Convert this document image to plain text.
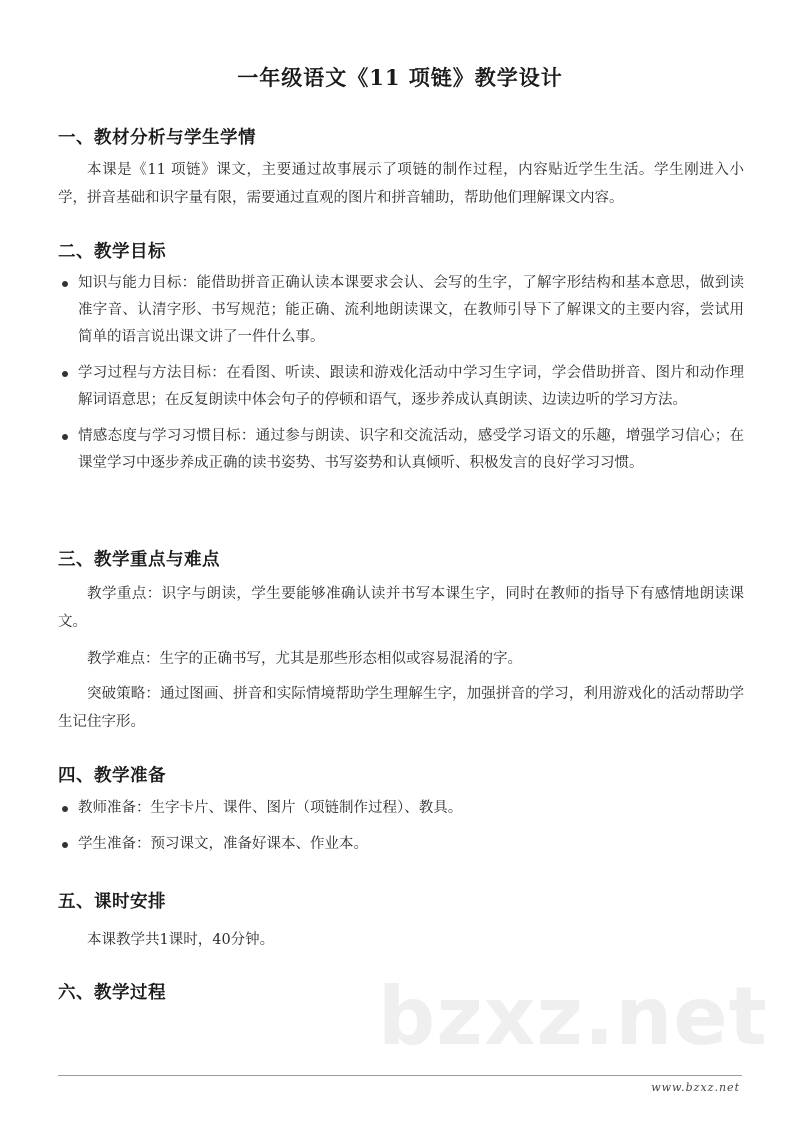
一年级语文《11 项链》教学设计
一、教材分析与学生学情
本课是《11 项链》课文，主要通过故事展示了项链的制作过程，内容贴近学生生活。学生刚进入小学，拼音基础和识字量有限，需要通过直观的图片和拼音辅助，帮助他们理解课文内容。
二、教学目标
知识与能力目标：能借助拼音正确认读本课要求会认、会写的生字，了解字形结构和基本意思，做到读准字音、认清字形、书写规范；能正确、流利地朗读课文，在教师引导下了解课文的主要内容，尝试用简单的语言说出课文讲了一件什么事。
学习过程与方法目标：在看图、听读、跟读和游戏化活动中学习生字词，学会借助拼音、图片和动作理解词语意思；在反复朗读中体会句子的停顿和语气，逐步养成认真朗读、边读边听的学习方法。
情感态度与学习习惯目标：通过参与朗读、识字和交流活动，感受学习语文的乐趣，增强学习信心；在课堂学习中逐步养成正确的读书姿势、书写姿势和认真倾听、积极发言的良好学习习惯。
三、教学重点与难点
教学重点：识字与朗读，学生要能够准确认读并书写本课生字，同时在教师的指导下有感情地朗读课文。
教学难点：生字的正确书写，尤其是那些形态相似或容易混淆的字。
突破策略：通过图画、拼音和实际情境帮助学生理解生字，加强拼音的学习，利用游戏化的活动帮助学生记住字形。
四、教学准备
教师准备：生字卡片、课件、图片（项链制作过程）、教具。
学生准备：预习课文，准备好课本、作业本。
五、课时安排
本课教学共1课时，40分钟。
六、教学过程	bzxz.net
www.bzxz.net
